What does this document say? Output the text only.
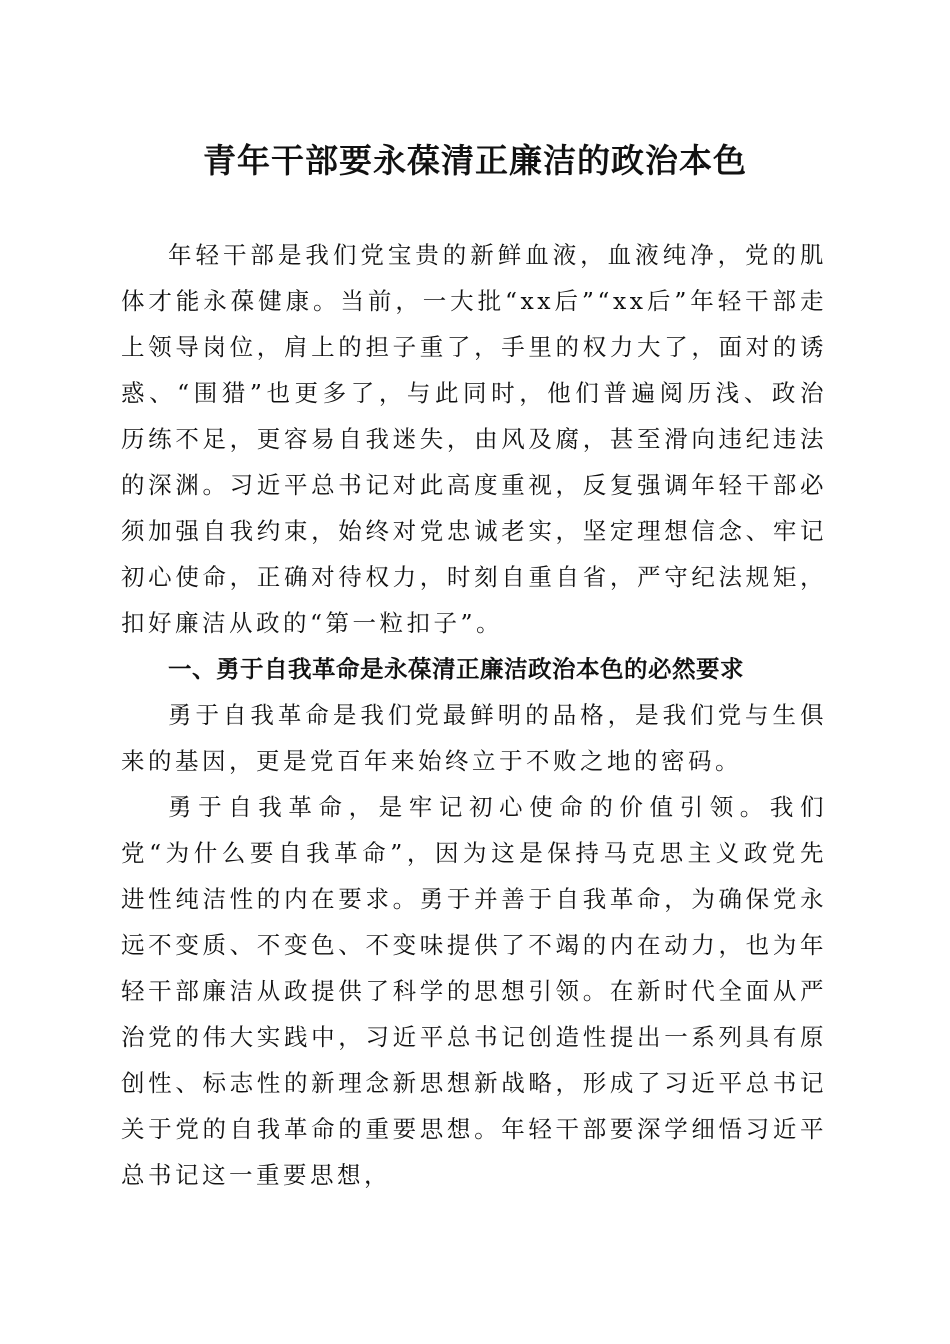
青年干部要永葆清正廉洁的政治本色

年轻干部是我们党宝贵的新鲜血液，血液纯净，党的肌体才能永葆健康。当前，一大批“xx后”“xx后”年轻干部走上领导岗位，肩上的担子重了，手里的权力大了，面对的诱惑、“围猎”也更多了，与此同时，他们普遍阅历浅、政治历练不足，更容易自我迷失，由风及腐，甚至滑向违纪违法的深渊。习近平总书记对此高度重视，反复强调年轻干部必须加强自我约束，始终对党忠诚老实，坚定理想信念、牢记初心使命，正确对待权力，时刻自重自省，严守纪法规矩，扣好廉洁从政的“第一粒扣子”。

一、勇于自我革命是永葆清正廉洁政治本色的必然要求

勇于自我革命是我们党最鲜明的品格，是我们党与生俱来的基因，更是党百年来始终立于不败之地的密码。

勇于自我革命，是牢记初心使命的价值引领。我们党“为什么要自我革命”，因为这是保持马克思主义政党先进性纯洁性的内在要求。勇于并善于自我革命，为确保党永远不变质、不变色、不变味提供了不竭的内在动力，也为年轻干部廉洁从政提供了科学的思想引领。在新时代全面从严治党的伟大实践中，习近平总书记创造性提出一系列具有原创性、标志性的新理念新思想新战略，形成了习近平总书记关于党的自我革命的重要思想。年轻干部要深学细悟习近平总书记这一重要思想，
